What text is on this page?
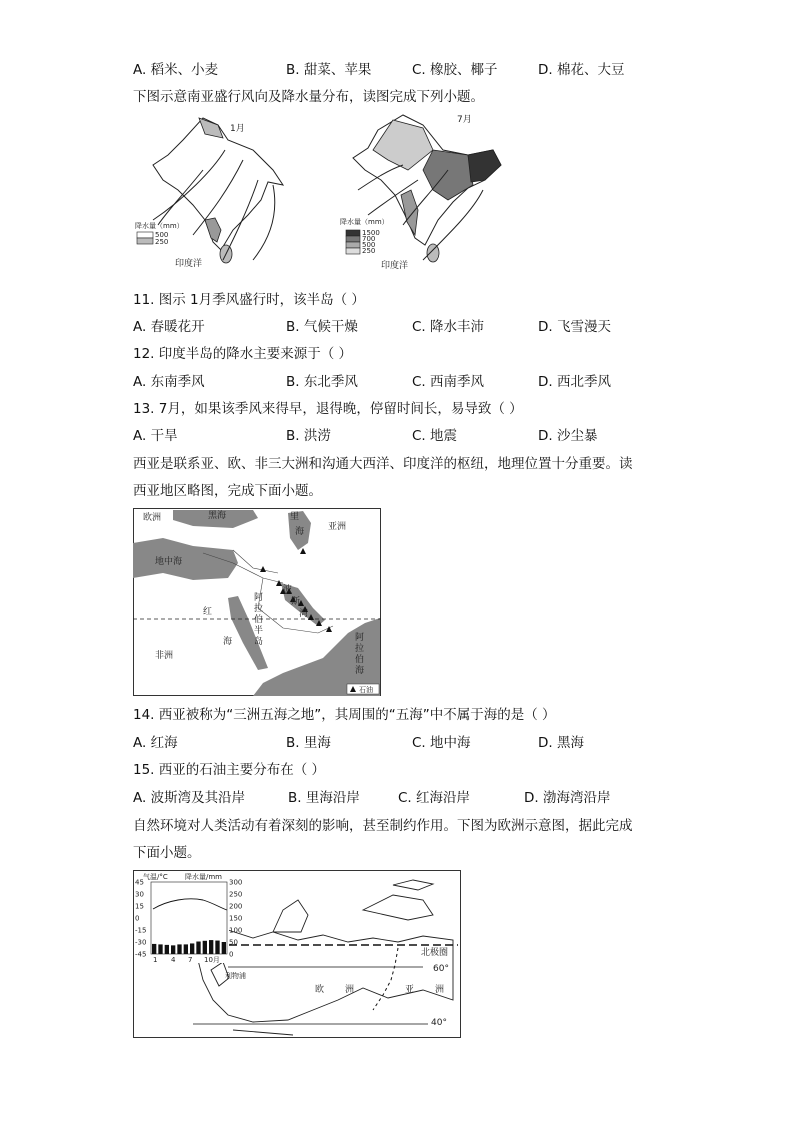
A. 稻米、小麦	B. 甜菜、苹果	C. 橡胶、椰子	D. 棉花、大豆
下图示意南亚盛行风向及降水量分布，读图完成下列小题。
1月
降水量（mm）
500
250
印度洋
7月
降水量（mm）
1500
700
500
250
印度洋
11. 图示 1月季风盛行时，该半岛（ ）
A. 春暖花开	B. 气候干燥	C. 降水丰沛	D. 飞雪漫天
12. 印度半岛的降水主要来源于（ ）
A. 东南季风	B. 东北季风	C. 西南季风	D. 西北季风
13. 7月，如果该季风来得早，退得晚，停留时间长，易导致（ ）
A. 干旱	B. 洪涝	C. 地震	D. 沙尘暴
西亚是联系亚、欧、非三大洲和沟通大西洋、印度洋的枢纽，地理位置十分重要。读
西亚地区略图，完成下面小题。
黑海	里
海	亚洲
欧洲
地中海
波
斯
湾
阿
拉
伯
半
岛
红
海
非洲
阿
拉
伯
海
石油
14. 西亚被称为“三洲五海之地”，其周围的“五海”中不属于海的是（ ）
A. 红海	B. 里海	C. 地中海	D. 黑海
15. 西亚的石油主要分布在（ ）
A. 波斯湾及其沿岸	B. 里海沿岸	C. 红海沿岸	D. 渤海湾沿岸
自然环境对人类活动有着深刻的影响，甚至制约作用。下图为欧洲示意图，据此完成
下面小题。
北极圈
60°
40°
欧 洲	亚 洲
利物浦
气温/°C 降水量/mm
45
30
15
0
-15
-30
-45
300
250
200
150
100
50
0
1 4 7 10月
